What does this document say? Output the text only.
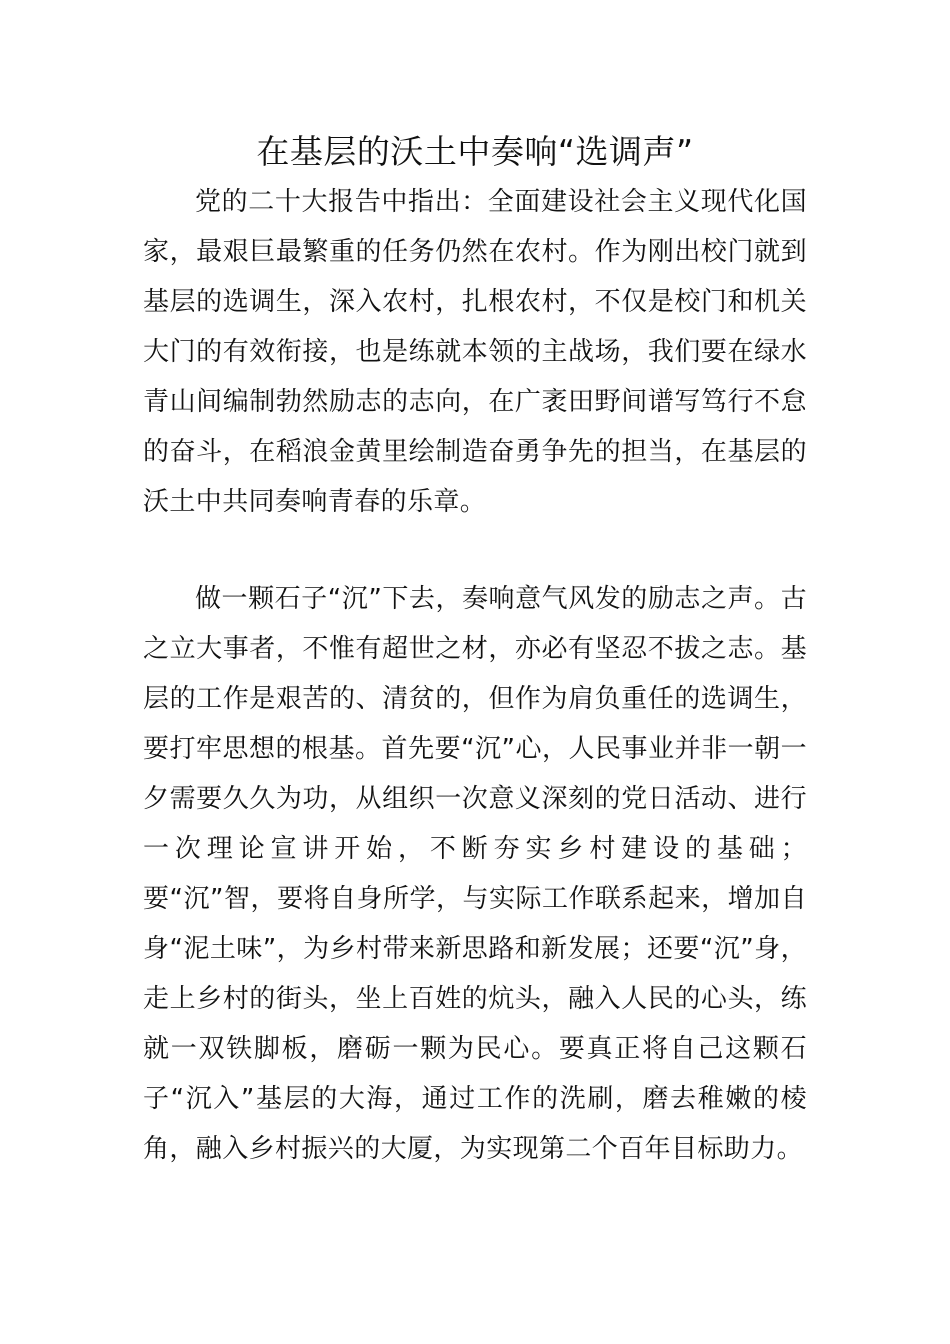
在基层的沃土中奏响“选调声”

党的二十大报告中指出：全面建设社会主义现代化国家，最艰巨最繁重的任务仍然在农村。作为刚出校门就到基层的选调生，深入农村，扎根农村，不仅是校门和机关大门的有效衔接，也是练就本领的主战场，我们要在绿水青山间编制勃然励志的志向，在广袤田野间谱写笃行不怠的奋斗，在稻浪金黄里绘制造奋勇争先的担当，在基层的沃土中共同奏响青春的乐章。

做一颗石子“沉”下去，奏响意气风发的励志之声。古之立大事者，不惟有超世之材，亦必有坚忍不拔之志。基层的工作是艰苦的、清贫的，但作为肩负重任的选调生，要打牢思想的根基。首先要“沉”心，人民事业并非一朝一夕需要久久为功，从组织一次意义深刻的党日活动、进行一次理论宣讲开始，不断夯实乡村建设的基础；要“沉”智，要将自身所学，与实际工作联系起来，增加自身“泥土味”，为乡村带来新思路和新发展；还要“沉”身，走上乡村的街头，坐上百姓的炕头，融入人民的心头，练就一双铁脚板，磨砺一颗为民心。要真正将自己这颗石子“沉入”基层的大海，通过工作的洗刷，磨去稚嫩的棱角，融入乡村振兴的大厦，为实现第二个百年目标助力。
